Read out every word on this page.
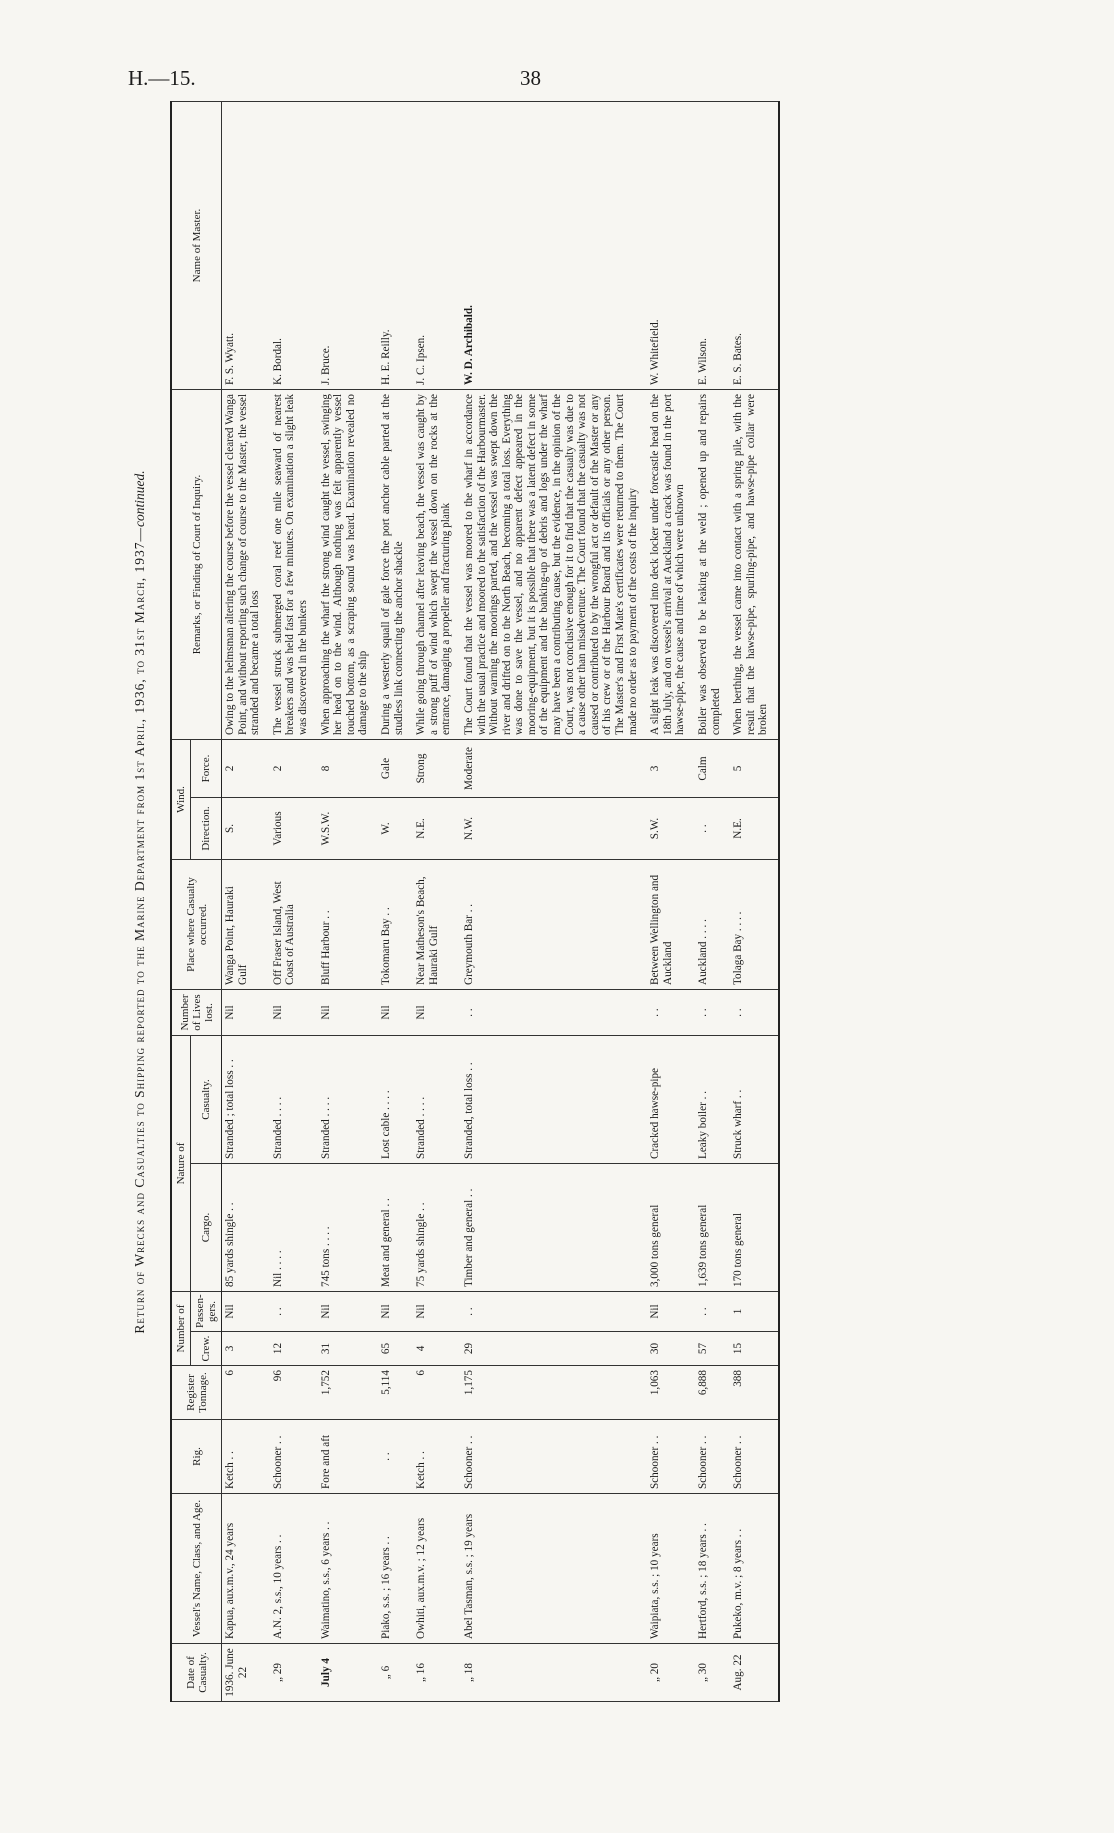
H.—15.	38
Return of Wrecks and Casualties to Shipping reported to the Marine Department from 1st April, 1936, to 31st March, 1937—continued.
Date of Casualty.	Vessel's Name, Class, and Age.	Rig.	Register Tonnage.	Number of		Nature of		Number of Lives lost.	Place where Casualty occurred.	Wind.		Remarks, or Finding of Court of Inquiry.	Name of Master.
				Crew.	Passen-gers.	Cargo.	Casualty.			Direction.	Force.		
1936. June 22	Kapua, aux.m.v., 24 years	Ketch . .	6	3	Nil	85 yards shingle . .	Stranded ; total loss . .	Nil	Wanga Point, Hauraki Gulf	S.	2	Owing to the helmsman altering the course before the vessel cleared Wanga Point, and without reporting such change of course to the Master, the vessel stranded and became a total loss	F. S. Wyatt.
„ 29	A.N. 2, s.s., 10 years . .	Schooner . .	96	12	. .	Nil . . . .	Stranded . . . .	Nil	Off Fraser Island, West Coast of Australia	Various	2	The vessel struck submerged coral reef one mile seaward of nearest breakers and was held fast for a few minutes. On examination a slight leak was discovered in the bunkers	K. Bordal.
July 4	Waimatino, s.s., 6 years . .	Fore and aft	1,752	31	Nil	745 tons . . . .	Stranded . . . .	Nil	Bluff Harbour . .	W.S.W.	8	When approaching the wharf the strong wind caught the vessel, swinging her head on to the wind. Although nothing was felt apparently vessel touched bottom, as a scraping sound was heard. Examination revealed no damage to the ship	J. Bruce.
„ 6	Piako, s.s. ; 16 years . .	. .	5,114	65	Nil	Meat and general . .	Lost cable . . . .	Nil	Tokomaru Bay . .	W.	Gale	During a westerly squall of gale force the port anchor cable parted at the studless link connecting the anchor shackle	H. E. Reilly.
„ 16	Owhiti, aux.m.v. ; 12 years	Ketch . .	6	4	Nil	75 yards shingle . .	Stranded . . . .	Nil	Near Matheson's Beach, Hauraki Gulf	N.E.	Strong	While going through channel after leaving beach, the vessel was caught by a strong puff of wind which swept the vessel down on the rocks at the entrance, damaging a propeller and fracturing plank	J. C. Ipsen.
„ 18	Abel Tasman, s.s. ; 19 years	Schooner . .	1,175	29	. .	Timber and general . .	Stranded, total loss . .	. .	Greymouth Bar . .	N.W.	Moderate	The Court found that the vessel was moored to the wharf in accordance with the usual practice and moored to the satisfaction of the Harbourmaster. Without warning the moorings parted, and the vessel was swept down the river and drifted on to the North Beach, becoming a total loss. Everything was done to save the vessel, and no apparent defect appeared in the mooring-equipment, but it is possible that there was a latent defect in some of the equipment and the banking-up of debris and logs under the wharf may have been a contributing cause, but the evidence, in the opinion of the Court, was not conclusive enough for it to find that the casualty was due to a cause other than misadventure. The Court found that the casualty was not caused or contributed to by the wrongful act or default of the Master or any of his crew or of the Harbour Board and its officials or any other person. The Master's and First Mate's certificates were returned to them. The Court made no order as to payment of the costs of the inquiry	W. D. Archibald.
„ 20	Waipiata, s.s. ; 10 years	Schooner . .	1,063	30	Nil	3,000 tons general	Cracked hawse-pipe	. .	Between Wellington and Auckland	S.W.	3	A slight leak was discovered into deck locker under forecastle head on the 18th July, and on vessel's arrival at Auckland a crack was found in the port hawse-pipe, the cause and time of which were unknown	W. Whitefield.
„ 30	Hertford, s.s. ; 18 years . .	Schooner . .	6,888	57	. .	1,639 tons general	Leaky boiler . .	. .	Auckland . . . .	. .	Calm	Boiler was observed to be leaking at the weld ; opened up and repairs completed	E. Wilson.
Aug. 22	Pukeko, m.v. ; 8 years . .	Schooner . .	388	15	1	170 tons general	Struck wharf . .	. .	Tolaga Bay . . . .	N.E.	5	When berthing, the vessel came into contact with a spring pile, with the result that the hawse-pipe, spurling-pipe, and hawse-pipe collar were broken	E. S. Bates.
